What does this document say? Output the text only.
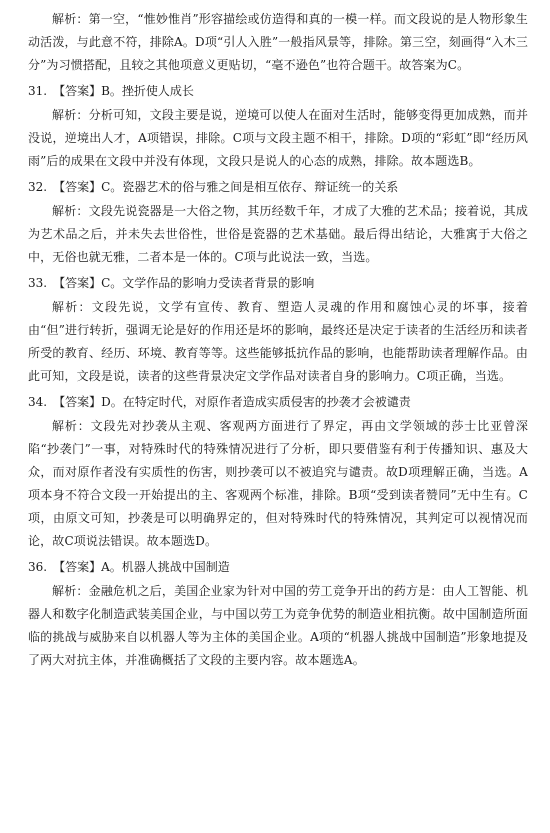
解析：第一空，“惟妙惟肖”形容描绘或仿造得和真的一模一样。而文段说的是人物形象生动活泼，与此意不符，排除A。D项“引人入胜”一般指风景等，排除。第三空，刻画得“入木三分”为习惯搭配，且较之其他项意义更贴切，“毫不逊色”也符合题干。故答案为C。

31. 【答案】B。挫折使人成长

解析：分析可知，文段主要是说，逆境可以使人在面对生活时，能够变得更加成熟，而并没说，逆境出人才，A项错误，排除。C项与文段主题不相干，排除。D项的“彩虹”即“经历风雨”后的成果在文段中并没有体现，文段只是说人的心态的成熟，排除。故本题选B。

32. 【答案】C。瓷器艺术的俗与雅之间是相互依存、辩证统一的关系

解析：文段先说瓷器是一大俗之物，其历经数千年，才成了大雅的艺术品；接着说，其成为艺术品之后，并未失去世俗性，世俗是瓷器的艺术基础。最后得出结论，大雅寓于大俗之中，无俗也就无雅，二者本是一体的。C项与此说法一致，当选。

33. 【答案】C。文学作品的影响力受读者背景的影响

解析：文段先说，文学有宣传、教育、塑造人灵魂的作用和腐蚀心灵的坏事，接着由“但”进行转折，强调无论是好的作用还是坏的影响，最终还是决定于读者的生活经历和读者所受的教育、经历、环境、教育等等。这些能够抵抗作品的影响，也能帮助读者理解作品。由此可知，文段是说，读者的这些背景决定文学作品对读者自身的影响力。C项正确，当选。

34. 【答案】D。在特定时代，对原作者造成实质侵害的抄袭才会被谴责

解析：文段先对抄袭从主观、客观两方面进行了界定，再由文学领域的莎士比亚曾深陷“抄袭门”一事，对特殊时代的特殊情况进行了分析，即只要借鉴有利于传播知识、惠及大众，而对原作者没有实质性的伤害，则抄袭可以不被追究与谴责。故D项理解正确，当选。A项本身不符合文段一开始提出的主、客观两个标准，排除。B项“受到读者赞同”无中生有。C项，由原文可知，抄袭是可以明确界定的，但对特殊时代的特殊情况，其判定可以视情况而论，故C项说法错误。故本题选D。

36. 【答案】A。机器人挑战中国制造

解析：金融危机之后，美国企业家为针对中国的劳工竞争开出的药方是：由人工智能、机器人和数字化制造武装美国企业，与中国以劳工为竞争优势的制造业相抗衡。故中国制造所面临的挑战与威胁来自以机器人等为主体的美国企业。A项的“机器人挑战中国制造”形象地提及了两大对抗主体，并准确概括了文段的主要内容。故本题选A。
